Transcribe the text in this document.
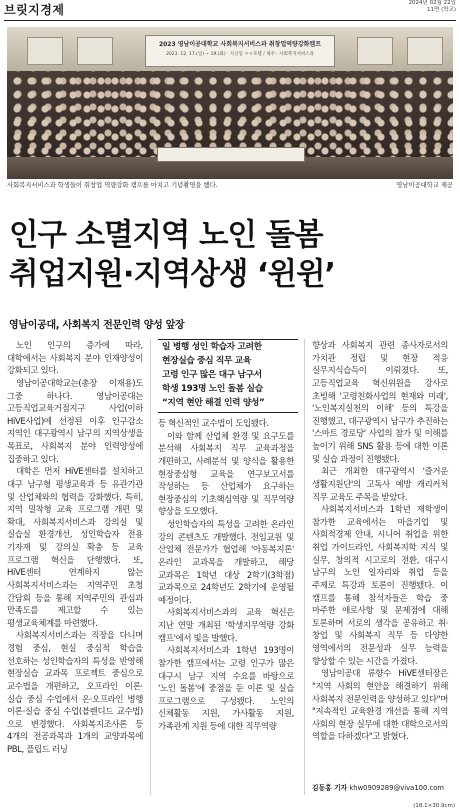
브릿지경제	2024년 02월 22일
11면 (학교)
2023 영남이공대학교 사회복지서비스과 취창업역량강화캠프
2023. 12. 17.(일) ~ 19.(화) · 지산동 ㅇㅇ호텔 / 제주 · 사회복지서비스과
사회복지서비스과 학생들이 취창업 역량강화 캠프를 마치고 기념촬영을 했다.	영남이공대학교 제공
인구 소멸지역 노인 돌봄
취업지원·지역상생 ‘윈윈’
영남이공대, 사회복지 전문인력 양성 앞장

노인 인구의 증가에 따라, 대학에서는 사회복지 분야 인재양성이 강화되고 있다.

영남이공대학교는(총장 이재용)도 그중 하나다. 영남이공대는 고등직업교육거점지구 사업(이하 HiVE사업)에 선정된 이후 인구감소 지역인 대구광역시 남구의 지역상생을 목표로, 사회복지 분야 인력양성에 집중하고 있다.

대학은 먼저 HiVE센터를 설치하고 대구 남구형 평생교육과 등 유관기관 및 산업체와의 협력을 강화했다. 특히, 지역 밀착형 교육 프로그램 개편 및 확대, 사회복지서비스과 강의실 및 실습실 환경개선, 성인학습자 전용 기자재 및 강의실 확충 등 교육 프로그램 혁신을 단행했다. 또, HiVE센터 연계하지 않는 사회복지서비스과는 지역주민 초청 간담회 등을 통해 지역주민의 관심과 만족도를 제고할 수 있는 평생교육체계를 마련했다.

사회복지서비스과는 직장을 다니며 경험 중심, 현실 중심적 학습을 선호하는 성인학습자의 특성을 반영해 현장실습 교과목 프로젝트 중심으로 교수법을 개편하고, 오프라인 이론·실습 중심 수업에서 온·오프라인 병행 이론·실습 중심 수업(블렌디드 교수법)으로 변경했다. 사회복지조사론 등 4개의 전공과목과 1개의 교양과목에 PBL, 플립드 러닝

일 병행 성인 학습자 고려한
현장실습 중심 직무 교육
고령 인구 많은 대구 남구서
학생 193명 노인 돌봄 실습
“지역 현안 해결 인력 양성”

등 혁신적인 교수법이 도입됐다.

이와 함께 산업체 환경 및 요구도를 분석해 사회복지 직무 교육과정을 개편하고, 사례분석 및 양식을 활용한 현장중심형 교육을 연구보고서를 작성하는 등 산업체가 요구하는 현장중심의 기초핵심역량 및 직무역량 향상을 도모했다.

성인학습자의 특성을 고려한 온라인 강의 콘텐츠도 개발했다. 전임교원 및 산업체 전문가가 협업해 '아동복지론' 온라인 교과목을 개발하고, 해당 교과목은 1학년 대상 2학기(3학점) 교과목으로 24학년도 2학기에 운영될 예정이다.

사회복지서비스과의 교육 혁신은 지난 연말 개최된 '학생지무역량 강화 캠프'에서 빛을 발했다.

사회복지서비스과 1학년 193명이 참가한 캠프에서는 고령 인구가 많은 대구시 남구 지역 수요를 바탕으로 '노인 돌봄'에 중점을 둔 이론 및 실습 프로그램으로 구성됐다. 노인의 신체활동 지원, 가사활동 지원, 가족관계 지원 등에 대한 직무역량

향상과 사회복지 관련 종사자로서의 가치관 정립 및 현장 적응 실무지식습득이 이뤄졌다. 또, 고등직업교육 혁신위원을 강사로 초빙해 '고령친화사업의 현재와 미래', '노인복지실천의 이해' 등의 특강을 진행했고, 대구광역시 남구가 추진하는 '스마트 경로당' 사업의 참가 및 이해를 높이기 위해 SNS 활용 등에 대한 이론 및 실습 과정이 진행됐다.

최근 개최한 대구광역시 '즐거운 생활지원단'의 고독사 예방 캐리커처 직무 교육도 주목을 받았다.

사회복지서비스과 1학년 재학생이 참가한 교육에서는 마을기업 및 사회적경제 안내, 시니어 취업을 위한 취업 가이드라인, 사회복지학 지식 및 실무, 창의적 시고로의 전환, 대구시 남구의 노인 일자리와 취업 등을 주제로 특강과 토론이 진행됐다. 이 캠프를 통해 참석자들은 학습 중 마주한 애로사항 및 문제점에 대해 토론하며 서로의 생각을 공유하고 취·창업 및 사회복지 직무 등 다양한 영역에서의 전문성과 실무 능력을 향상할 수 있는 시간을 가졌다.

영남이공대 류향수 HiVE센터장은 "지역 사회의 현안을 해결하기 위해 사회복지 전문인력을 양성하고 있다"며 "지속적인 교육환경 개선을 통해 지역 사회의 현장 실무에 대한 대학으로서의 역할을 다하겠다"고 밝혔다.

김동홍 기자 khw0909289@viva100.com
(18.1×30.9cm)
